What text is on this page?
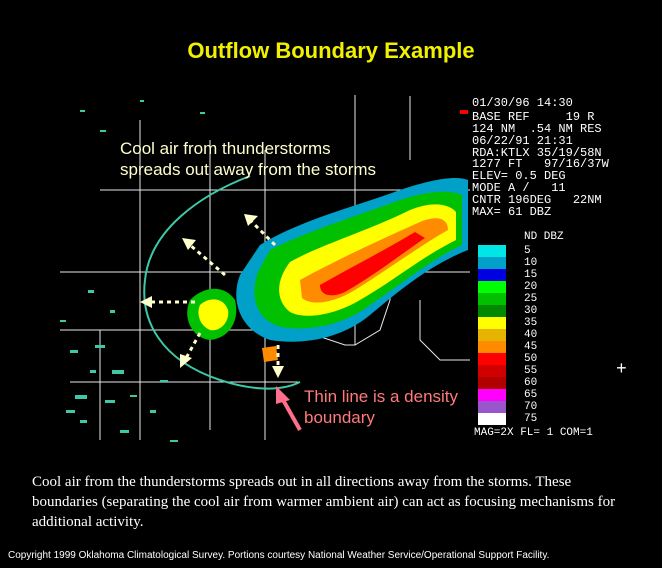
Outflow Boundary Example
01/30/96 14:30
BASE REF     19 R
124 NM  .54 NM RES
06/22/91 21:31
RDA:KTLX 35/19/58N
1277 FT   97/16/37W
ELEV= 0.5 DEG
MODE A /   11
CNTR 196DEG   22NM
MAX= 61 DBZ
ND DBZ
5
10
15
20
25
30
35
40
45
50
55
60
65
70
75
MAG=2X FL= 1 COM=1
+
Cool air from thunderstorms
spreads out away from the storms
Thin line is a density
boundary
Cool air from the thunderstorms spreads out in all directions away from the storms. These boundaries (separating the cool air from warmer ambient air) can act as focusing mechanisms for additional activity.
Copyright 1999 Oklahoma Climatological Survey. Portions courtesy National Weather Service/Operational Support Facility.
